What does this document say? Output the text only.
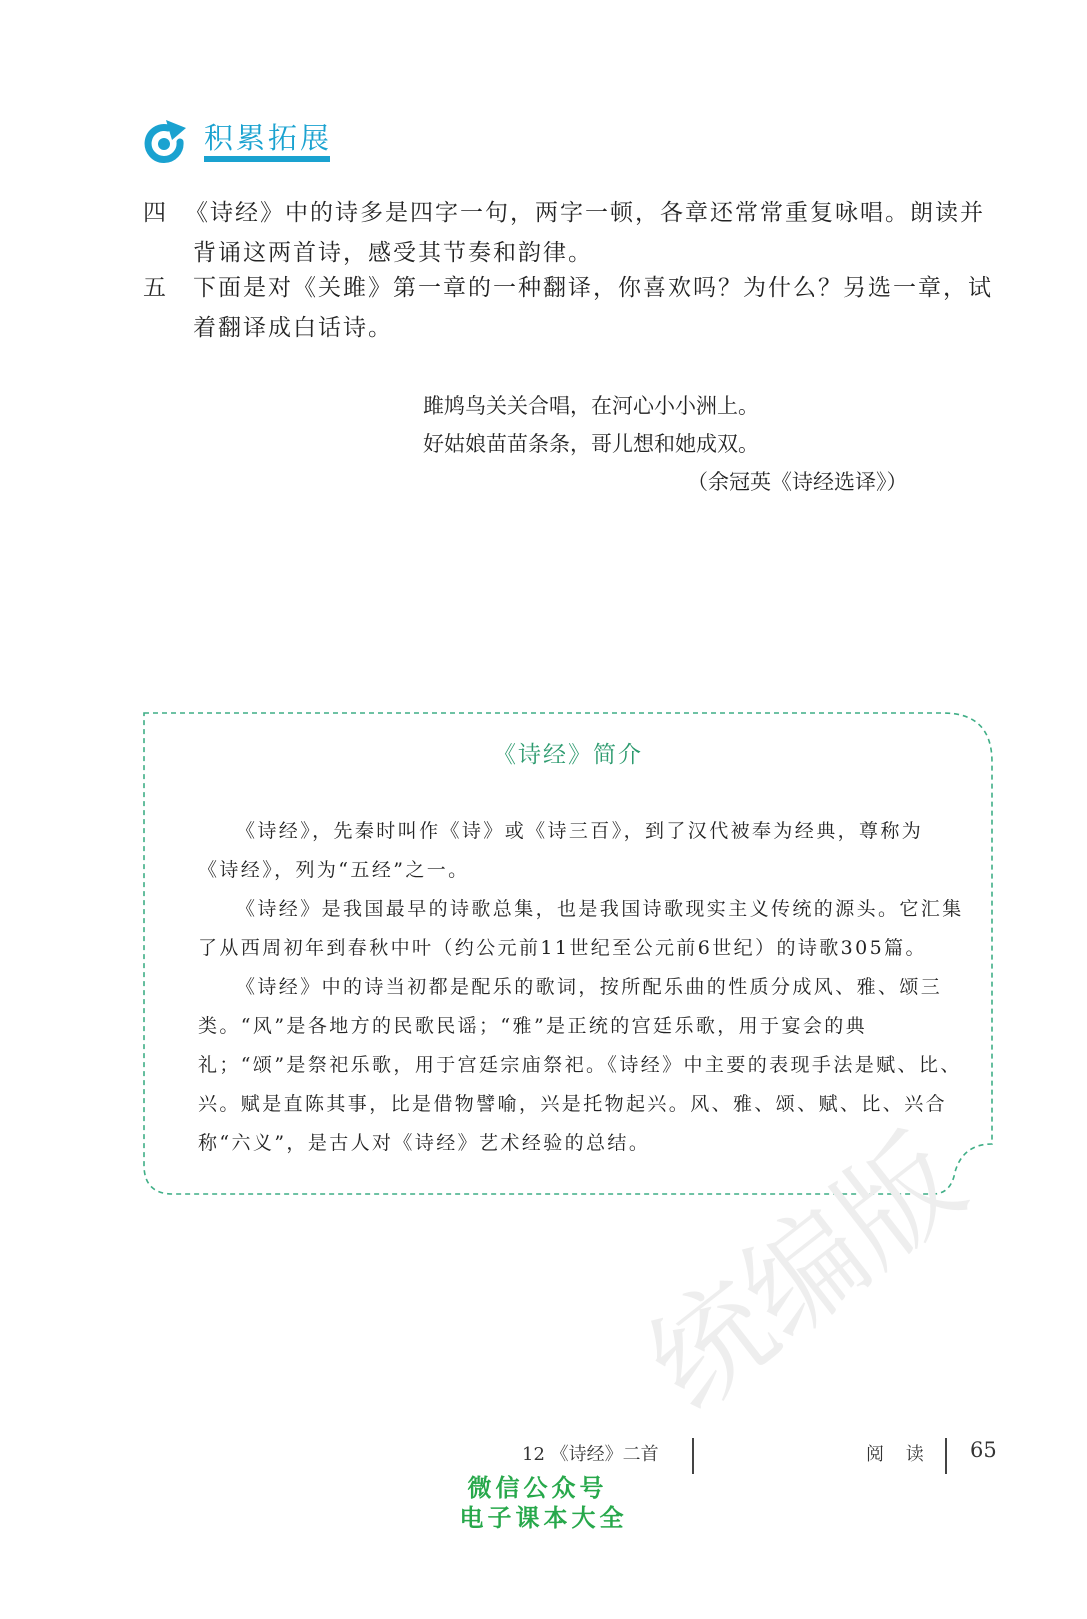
积累拓展
四 《诗经》中的诗多是四字一句，两字一顿，各章还常常重复咏唱。朗读并
背诵这两首诗，感受其节奏和韵律。
五 下面是对《关雎》第一章的一种翻译，你喜欢吗？为什么？另选一章，试
着翻译成白话诗。
雎鸠鸟关关合唱，在河心小小洲上。
好姑娘苗苗条条，哥儿想和她成双。
（余冠英《诗经选译》）
《诗经》简介

《诗经》，先秦时叫作《诗》或《诗三百》，到了汉代被奉为经典，尊称为

《诗经》，列为“五经”之一。

《诗经》是我国最早的诗歌总集，也是我国诗歌现实主义传统的源头。它汇集了从西周初年到春秋中叶（约公元前11世纪至公元前6世纪）的诗歌305篇。

《诗经》中的诗当初都是配乐的歌词，按所配乐曲的性质分成风、雅、颂三类。“风”是各地方的民歌民谣；“雅”是正统的宫廷乐歌，用于宴会的典礼；“颂”是祭祀乐歌，用于宫廷宗庙祭祀。《诗经》中主要的表现手法是赋、比、兴。赋是直陈其事，比是借物譬喻，兴是托物起兴。风、雅、颂、赋、比、兴合称“六义”，是古人对《诗经》艺术经验的总结。

统编版
12 《诗经》二首	阅 读 65
微信公众号
电子课本大全
